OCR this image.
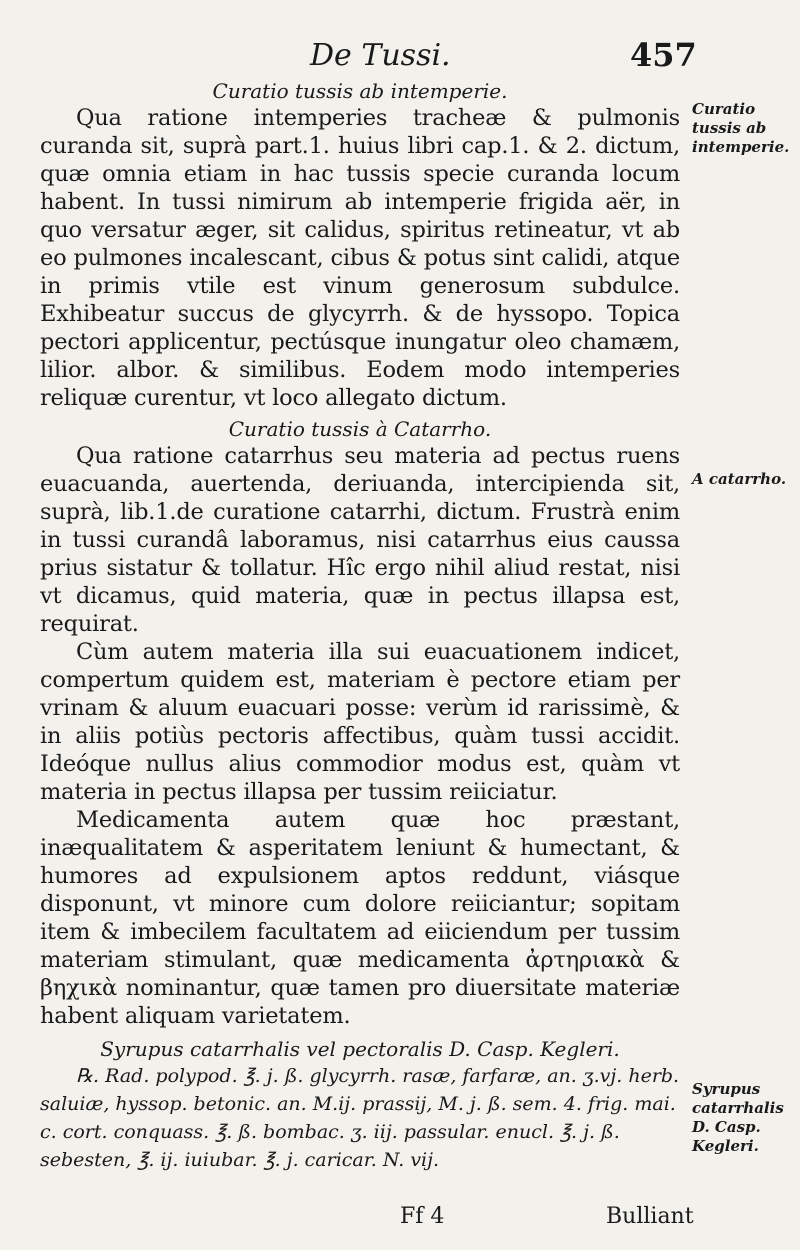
De Tussi.	457

Curatio tussis ab intemperie.

Qua ratione intemperies tracheæ & pulmonis curanda sit, suprà part.1. huius libri cap.1. & 2. dictum, quæ omnia etiam in hac tussis specie curanda locum habent. In tussi nimirum ab intemperie frigida aër, in quo versatur æger, sit calidus, spiritus retineatur, vt ab eo pulmones incalescant, cibus & potus sint calidi, atque in primis vtile est vinum generosum subdulce. Exhibeatur succus de glycyrrh. & de hyssopo. Topica pectori applicentur, pectúsque inungatur oleo chamæm, lilior. albor. & similibus. Eodem modo intemperies reliquæ curentur, vt loco allegato dictum.

Curatio tussis à Catarrho.

Qua ratione catarrhus seu materia ad pectus ruens euacuanda, auertenda, deriuanda, intercipienda sit, suprà, lib.1.de curatione catarrhi, dictum. Frustrà enim in tussi curandâ laboramus, nisi catarrhus eius caussa prius sistatur & tollatur. Hîc ergo nihil aliud restat, nisi vt dicamus, quid materia, quæ in pectus illapsa est, requirat.

Cùm autem materia illa sui euacuationem indicet, compertum quidem est, materiam è pectore etiam per vrinam & aluum euacuari posse: verùm id rarissimè, & in aliis potiùs pectoris affectibus, quàm tussi accidit. Ideóque nullus alius commodior modus est, quàm vt materia in pectus illapsa per tussim reiiciatur.

Medicamenta autem quæ hoc præstant, inæqualitatem & asperitatem leniunt & humectant, & humores ad expulsionem aptos reddunt, viásque disponunt, vt minore cum dolore reiiciantur; sopitam item & imbecilem facultatem ad eiiciendum per tussim materiam stimulant, quæ medicamenta ἀρτηριακὰ & βηχικὰ nominantur, quæ tamen pro diuersitate materiæ habent aliquam varietatem.

Syrupus catarrhalis vel pectoralis D. Casp. Kegleri.

℞. Rad. polypod. ℥. j. ß. glycyrrh. rasæ, farfaræ, an. ʒ.vj. herb. saluiæ, hyssop. betonic. an. M.ij. prassij, M. j. ß. sem. 4. frig. mai. c. cort. conquass. ℥. ß. bombac. ʒ. iij. passular. enucl. ℥. j. ß. sebesten, ℥. ij. iuiubar. ℥. j. caricar. N. vij.

Curatio tussis ab intemperie.
A catarrho.
Syrupus catarrhalis D. Casp. Kegleri.
Ff 4	Bulliant
